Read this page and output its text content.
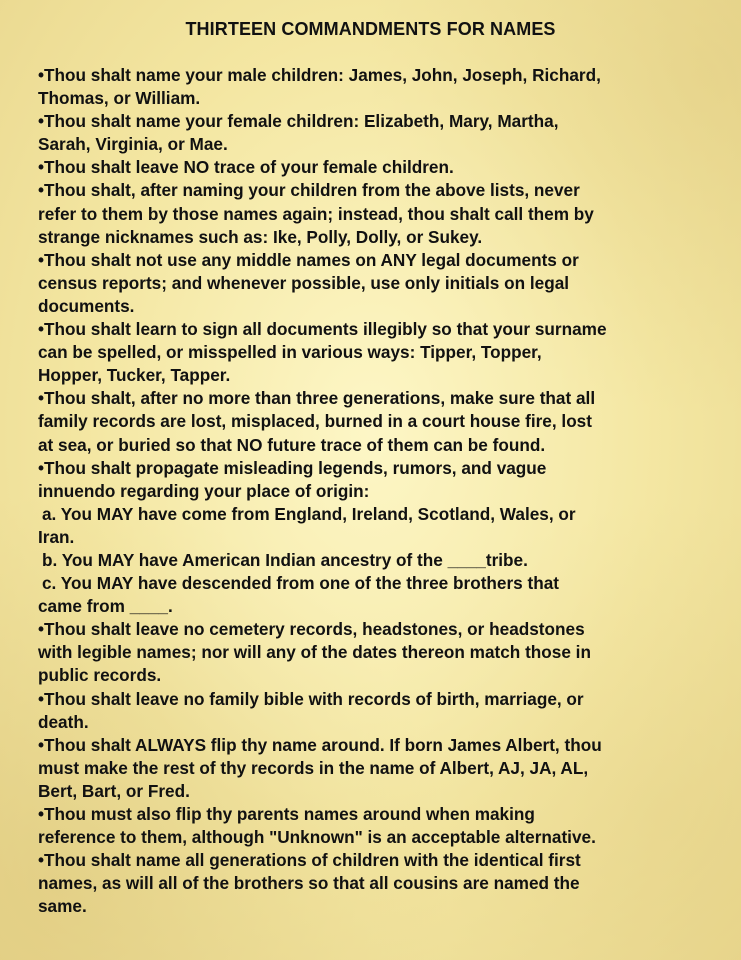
THIRTEEN COMMANDMENTS FOR NAMES
•Thou shalt name your male children: James, John, Joseph, Richard,
Thomas, or William.
•Thou shalt name your female children: Elizabeth, Mary, Martha,
Sarah, Virginia, or Mae.
•Thou shalt leave NO trace of your female children.
•Thou shalt, after naming your children from the above lists, never
refer to them by those names again; instead, thou shalt call them by
strange nicknames such as: Ike, Polly, Dolly, or Sukey.
•Thou shalt not use any middle names on ANY legal documents or
census reports; and whenever possible, use only initials on legal
documents.
•Thou shalt learn to sign all documents illegibly so that your surname
can be spelled, or misspelled in various ways: Tipper, Topper,
Hopper, Tucker, Tapper.
•Thou shalt, after no more than three generations, make sure that all
family records are lost, misplaced, burned in a court house fire, lost
at sea, or buried so that NO future trace of them can be found.
•Thou shalt propagate misleading legends, rumors, and vague
innuendo regarding your place of origin:
a. You MAY have come from England, Ireland, Scotland, Wales, or
Iran.
b. You MAY have American Indian ancestry of the ____tribe.
c. You MAY have descended from one of the three brothers that
came from ____.
•Thou shalt leave no cemetery records, headstones, or headstones
with legible names; nor will any of the dates thereon match those in
public records.
•Thou shalt leave no family bible with records of birth, marriage, or
death.
•Thou shalt ALWAYS flip thy name around. If born James Albert, thou
must make the rest of thy records in the name of Albert, AJ, JA, AL,
Bert, Bart, or Fred.
•Thou must also flip thy parents names around when making
reference to them, although "Unknown" is an acceptable alternative.
•Thou shalt name all generations of children with the identical first
names, as will all of the brothers so that all cousins are named the
same.
